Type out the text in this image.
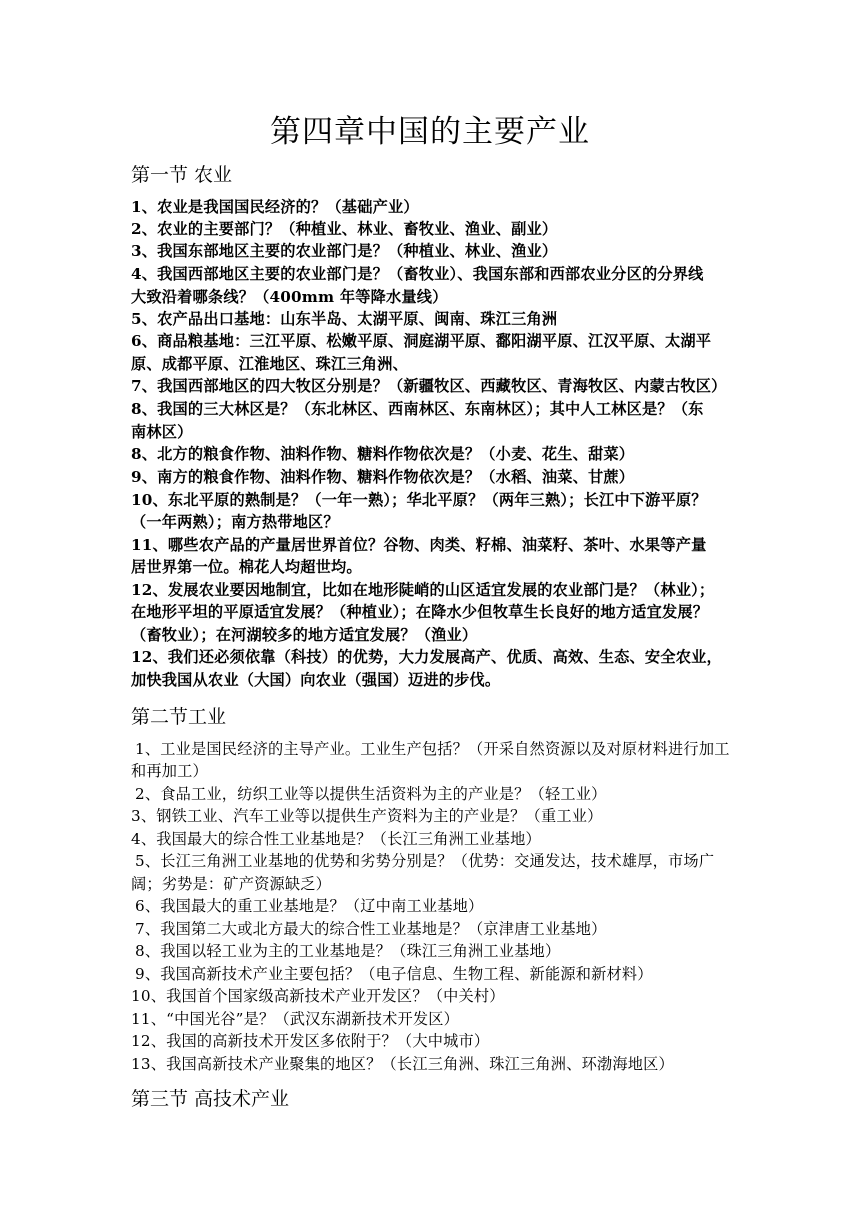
第四章中国的主要产业
第一节 农业
1、农业是我国国民经济的？（基础产业）
2、农业的主要部门？（种植业、林业、畜牧业、渔业、副业）
3、我国东部地区主要的农业部门是？（种植业、林业、渔业）
4、我国西部地区主要的农业部门是？（畜牧业）、我国东部和西部农业分区的分界线
大致沿着哪条线？（400mm 年等降水量线）
5、农产品出口基地：山东半岛、太湖平原、闽南、珠江三角洲
6、商品粮基地：三江平原、松嫩平原、洞庭湖平原、鄱阳湖平原、江汉平原、太湖平
原、成都平原、江淮地区、珠江三角洲、
7、我国西部地区的四大牧区分别是？（新疆牧区、西藏牧区、青海牧区、内蒙古牧区）
8、我国的三大林区是？（东北林区、西南林区、东南林区）；其中人工林区是？（东
南林区）
8、北方的粮食作物、油料作物、糖料作物依次是？（小麦、花生、甜菜）
9、南方的粮食作物、油料作物、糖料作物依次是？（水稻、油菜、甘蔗）
10、东北平原的熟制是？（一年一熟）；华北平原？（两年三熟）；长江中下游平原？
（一年两熟）；南方热带地区？
11、哪些农产品的产量居世界首位？谷物、肉类、籽棉、油菜籽、茶叶、水果等产量
居世界第一位。棉花人均超世均。
12、发展农业要因地制宜，比如在地形陡峭的山区适宜发展的农业部门是？（林业）；
在地形平坦的平原适宜发展？（种植业）；在降水少但牧草生长良好的地方适宜发展？
（畜牧业）；在河湖较多的地方适宜发展？（渔业）
12、我们还必须依靠（科技）的优势，大力发展高产、优质、高效、生态、安全农业，
加快我国从农业（大国）向农业（强国）迈进的步伐。
第二节工业
1、工业是国民经济的主导产业。工业生产包括？（开采自然资源以及对原材料进行加工
和再加工）
2、食品工业，纺织工业等以提供生活资料为主的产业是？（轻工业）
3、钢铁工业、汽车工业等以提供生产资料为主的产业是？（重工业）
4、我国最大的综合性工业基地是？（长江三角洲工业基地）
5、长江三角洲工业基地的优势和劣势分别是？（优势：交通发达，技术雄厚，市场广
阔；劣势是：矿产资源缺乏）
6、我国最大的重工业基地是？（辽中南工业基地）
7、我国第二大或北方最大的综合性工业基地是？（京津唐工业基地）
8、我国以轻工业为主的工业基地是？（珠江三角洲工业基地）
9、我国高新技术产业主要包括？（电子信息、生物工程、新能源和新材料）
10、我国首个国家级高新技术产业开发区？（中关村）
11、“中国光谷”是？（武汉东湖新技术开发区）
12、我国的高新技术开发区多依附于？（大中城市）
13、我国高新技术产业聚集的地区？（长江三角洲、珠江三角洲、环渤海地区）
第三节 高技术产业
